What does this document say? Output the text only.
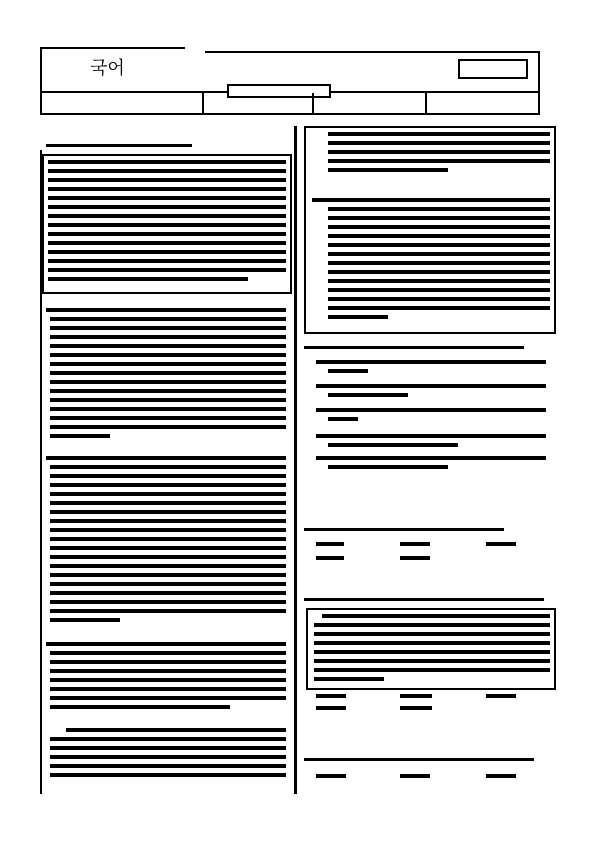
국어
